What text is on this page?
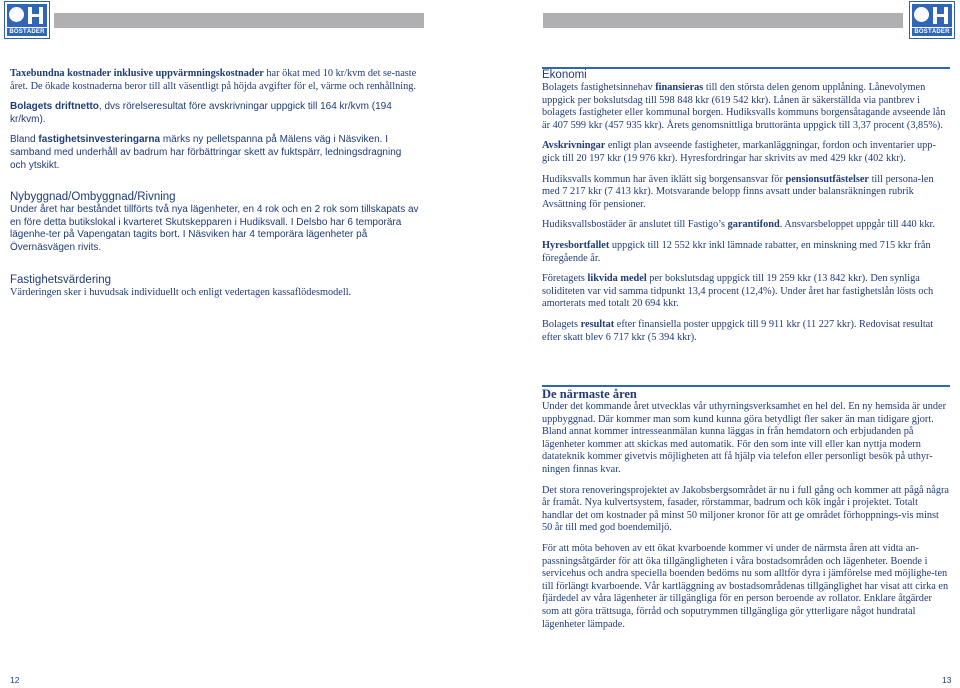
BOSTÄDER	BOSTÄDER

Taxebundna kostnader inklusive uppvärmningskostnader har ökat med 10 kr/kvm det se-naste året. De ökade kostnaderna beror till allt väsentligt på höjda avgifter för el, värme och renhållning.

Bolagets driftnetto, dvs rörelseresultat före avskrivningar uppgick till 164 kr/kvm (194 kr/kvm).

Bland fastighetsinvesteringarna märks ny pelletspanna på Mälens väg i Näsviken. I samband med underhåll av badrum har förbättringar skett av fuktspärr, ledningsdragning och ytskikt.

Nybyggnad/Ombyggnad/Rivning

Under året har beståndet tillförts två nya lägenheter, en 4 rok och en 2 rok som tillskapats av en före detta butikslokal i kvarteret Skutskepparen i Hudiksvall. I Delsbo har 6 temporära lägenhe-ter på Vapengatan tagits bort. I Näsviken har 4 temporära lägenheter på Övernäsvägen rivits.

Fastighetsvärdering

Värderingen sker i huvudsak individuellt och enligt vedertagen kassaflödesmodell.

Ekonomi

Bolagets fastighetsinnehav finansieras till den största delen genom upplåning. Lånevolymen uppgick per bokslutsdag till 598 848 kkr (619 542 kkr). Lånen är säkerställda via pantbrev i bolagets fastigheter eller kommunal borgen. Hudiksvalls kommuns borgensåtagande avseende lån är 407 599 kkr (457 935 kkr). Årets genomsnittliga bruttoränta uppgick till 3,37 procent (3,85%).

Avskrivningar enligt plan avseende fastigheter, markanläggningar, fordon och inventarier upp-gick till 20 197 kkr (19 976 kkr). Hyresfordringar har skrivits av med 429 kkr (402 kkr).

Hudiksvalls kommun har även iklätt sig borgensansvar för pensionsutfästelser till persona-len med 7 217 kkr (7 413 kkr). Motsvarande belopp finns avsatt under balansräkningen rubrik Avsättning för pensioner.

Hudiksvallsbostäder är anslutet till Fastigo’s garantifond. Ansvarsbeloppet uppgår till 440 kkr.

Hyresbortfallet uppgick till 12 552 kkr inkl lämnade rabatter, en minskning med 715 kkr från föregående år.

Företagets likvida medel per bokslutsdag uppgick till 19 259 kkr (13 842 kkr). Den synliga soliditeten var vid samma tidpunkt 13,4 procent (12,4%). Under året har fastighetslån lösts och amorterats med totalt 20 694 kkr.

Bolagets resultat efter finansiella poster uppgick till 9 911 kkr (11 227 kkr). Redovisat resultat efter skatt blev 6 717 kkr (5 394 kkr).

De närmaste åren

Under det kommande året utvecklas vår uthyrningsverksamhet en hel del. En ny hemsida är under uppbyggnad. Där kommer man som kund kunna göra betydligt fler saker än man tidigare gjort. Bland annat kommer intresseanmälan kunna läggas in från hemdatorn och erbjudanden på lägenheter kommer att skickas med automatik. För den som inte vill eller kan nyttja modern datateknik kommer givetvis möjligheten att få hjälp via telefon eller personligt besök på uthyr-ningen finnas kvar.

Det stora renoveringsprojektet av Jakobsbergsområdet är nu i full gång och kommer att pågå några år framåt. Nya kulvertsystem, fasader, rörstammar, badrum och kök ingår i projektet. Totalt handlar det om kostnader på minst 50 miljoner kronor för att ge området förhoppnings-vis minst 50 år till med god boendemiljö.

För att möta behoven av ett ökat kvarboende kommer vi under de närmsta åren att vidta an-passningsåtgärder för att öka tillgängligheten i våra bostadsområden och lägenheter. Boende i servicehus och andra speciella boenden bedöms nu som alltför dyra i jämförelse med möjlighe-ten till förlängt kvarboende. Vår kartläggning av bostadsområdenas tillgänglighet har visat att cirka en fjärdedel av våra lägenheter är tillgängliga för en person beroende av rollator. Enklare åtgärder som att göra trättsuga, förråd och soputrymmen tillgängliga gör ytterligare något hundratal lägenheter lämpade.

12	13
